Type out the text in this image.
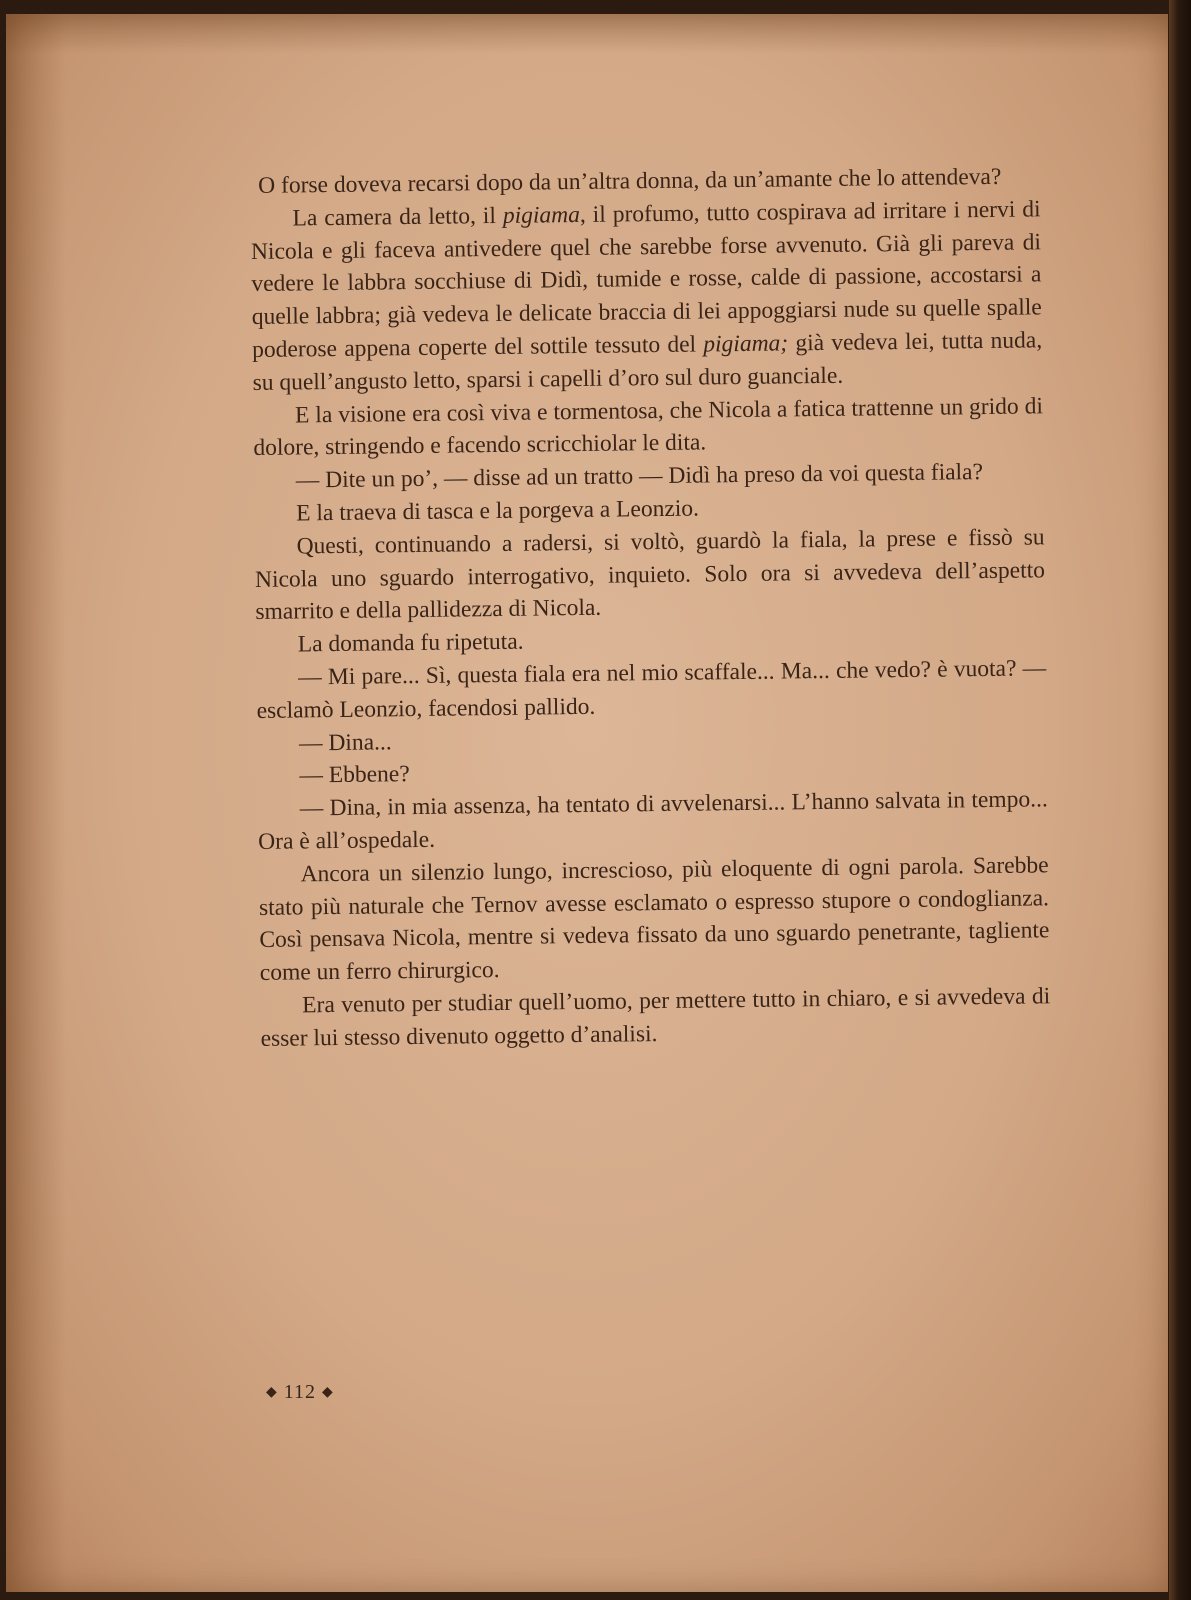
O forse doveva recarsi dopo da un’altra donna, da un’amante che lo attendeva?

La camera da letto, il pigiama, il profumo, tutto cospirava ad irritare i nervi di Nicola e gli faceva antivedere quel che sarebbe forse avvenuto. Già gli pareva di vedere le labbra socchiuse di Didì, tumide e rosse, calde di passione, accostarsi a quelle labbra; già vedeva le delicate braccia di lei appoggiarsi nude su quelle spalle poderose appena coperte del sottile tessuto del pigiama; già vedeva lei, tutta nuda, su quell’angusto letto, sparsi i capelli d’oro sul duro guanciale.

E la visione era così viva e tormentosa, che Nicola a fatica trattenne un grido di dolore, stringendo e facendo scricchiolar le dita.

— Dite un po’, — disse ad un tratto — Didì ha preso da voi questa fiala?

E la traeva di tasca e la porgeva a Leonzio.

Questi, continuando a radersi, si voltò, guardò la fiala, la prese e fissò su Nicola uno sguardo interrogativo, inquieto. Solo ora si avvedeva dell’aspetto smarrito e della pallidezza di Nicola.

La domanda fu ripetuta.

— Mi pare... Sì, questa fiala era nel mio scaffale... Ma... che vedo? è vuota? — esclamò Leonzio, facendosi pallido.

— Dina...

— Ebbene?

— Dina, in mia assenza, ha tentato di avvelenarsi... L’hanno salvata in tempo... Ora è all’ospedale.

Ancora un silenzio lungo, increscioso, più eloquente di ogni parola. Sarebbe stato più naturale che Ternov avesse esclamato o espresso stupore o condoglianza. Così pensava Nicola, mentre si vedeva fissato da uno sguardo penetrante, tagliente come un ferro chirurgico.

Era venuto per studiar quell’uomo, per mettere tutto in chiaro, e si avvedeva di esser lui stesso divenuto oggetto d’analisi.

◆ 112 ◆
